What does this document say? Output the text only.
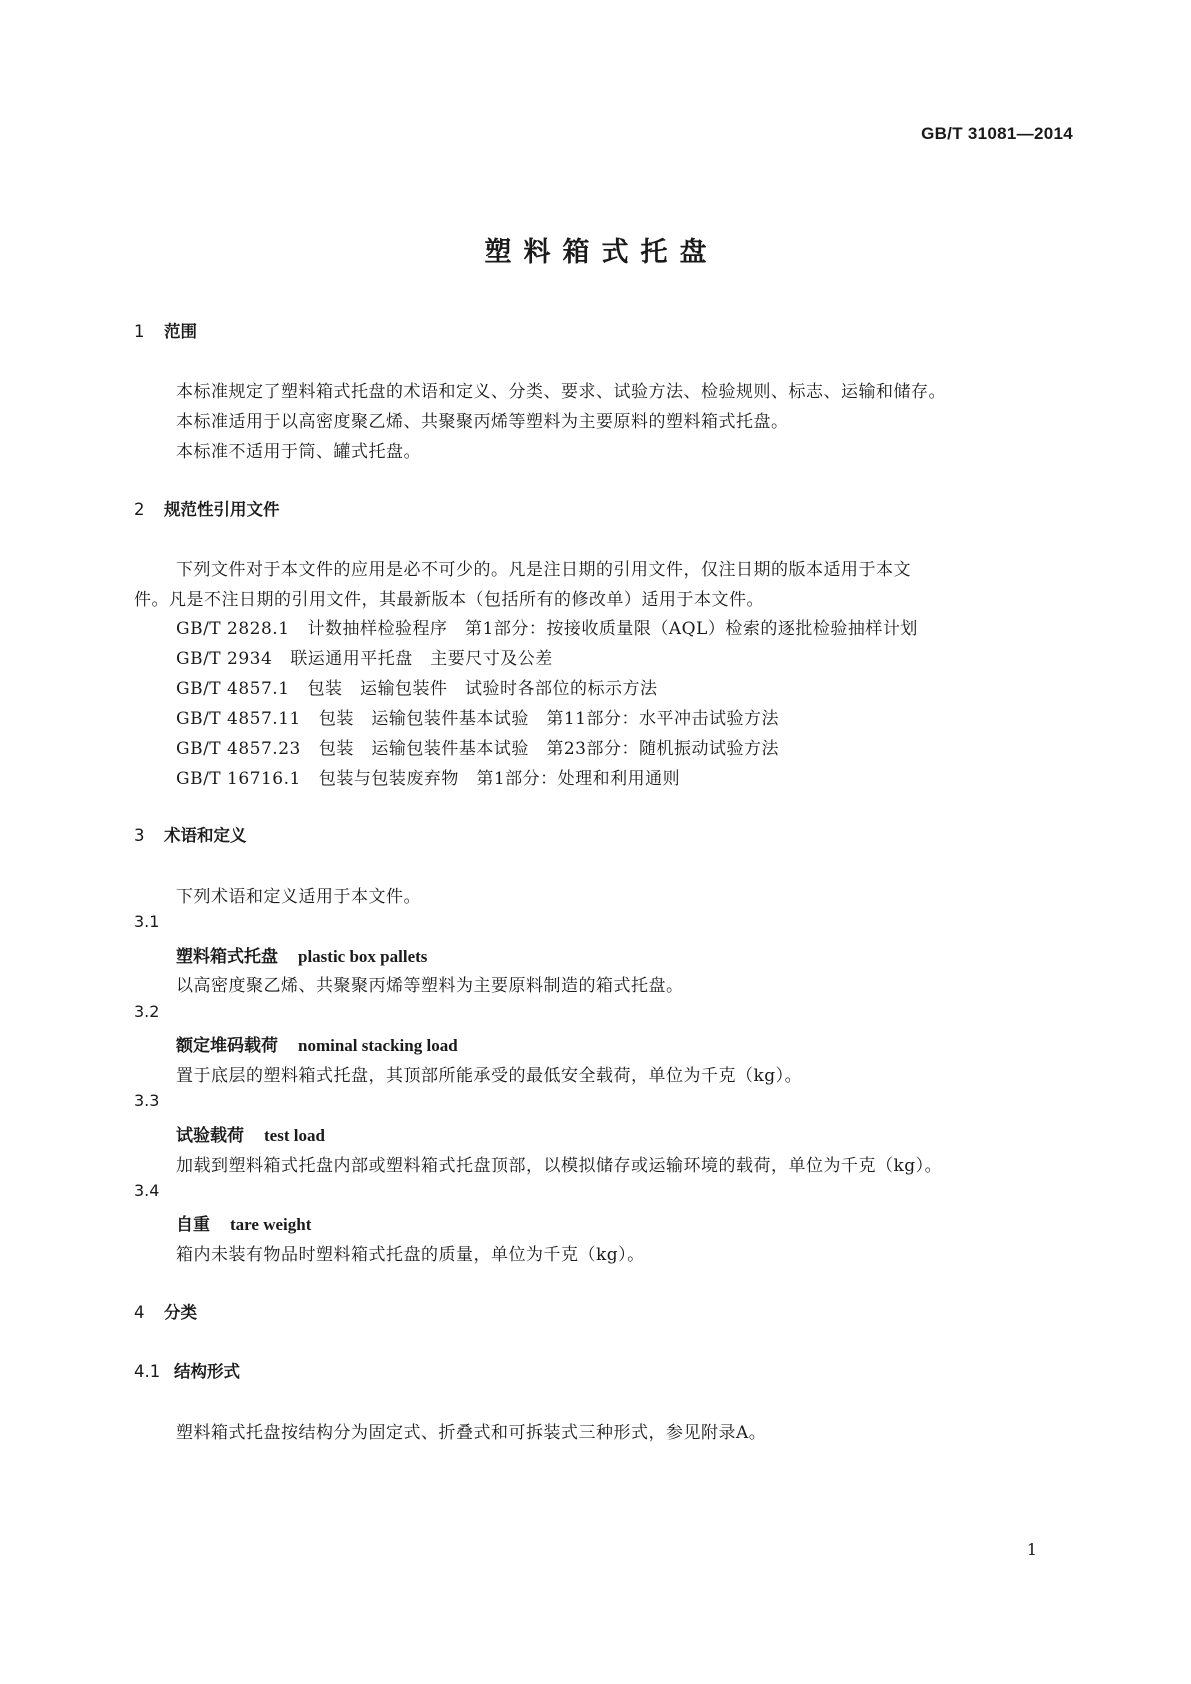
GB/T 31081—2014
塑料箱式托盘
1 范围
本标准规定了塑料箱式托盘的术语和定义、分类、要求、试验方法、检验规则、标志、运输和储存。
本标准适用于以高密度聚乙烯、共聚聚丙烯等塑料为主要原料的塑料箱式托盘。
本标准不适用于筒、罐式托盘。
2 规范性引用文件
下列文件对于本文件的应用是必不可少的。凡是注日期的引用文件，仅注日期的版本适用于本文
件。凡是不注日期的引用文件，其最新版本（包括所有的修改单）适用于本文件。
GB/T 2828.1 计数抽样检验程序　第1部分：按接收质量限（AQL）检索的逐批检验抽样计划
GB/T 2934 联运通用平托盘　主要尺寸及公差
GB/T 4857.1 包装　运输包装件　试验时各部位的标示方法
GB/T 4857.11 包装　运输包装件基本试验　第11部分：水平冲击试验方法
GB/T 4857.23 包装　运输包装件基本试验　第23部分：随机振动试验方法
GB/T 16716.1 包装与包装废弃物　第1部分：处理和利用通则
3 术语和定义
下列术语和定义适用于本文件。
3.1
塑料箱式托盘 plastic box pallets
以高密度聚乙烯、共聚聚丙烯等塑料为主要原料制造的箱式托盘。
3.2
额定堆码载荷 nominal stacking load
置于底层的塑料箱式托盘，其顶部所能承受的最低安全载荷，单位为千克（kg）。
3.3
试验载荷 test load
加载到塑料箱式托盘内部或塑料箱式托盘顶部，以模拟储存或运输环境的载荷，单位为千克（kg）。
3.4
自重 tare weight
箱内未装有物品时塑料箱式托盘的质量，单位为千克（kg）。
4 分类
4.1 结构形式
塑料箱式托盘按结构分为固定式、折叠式和可拆装式三种形式，参见附录A。
1
